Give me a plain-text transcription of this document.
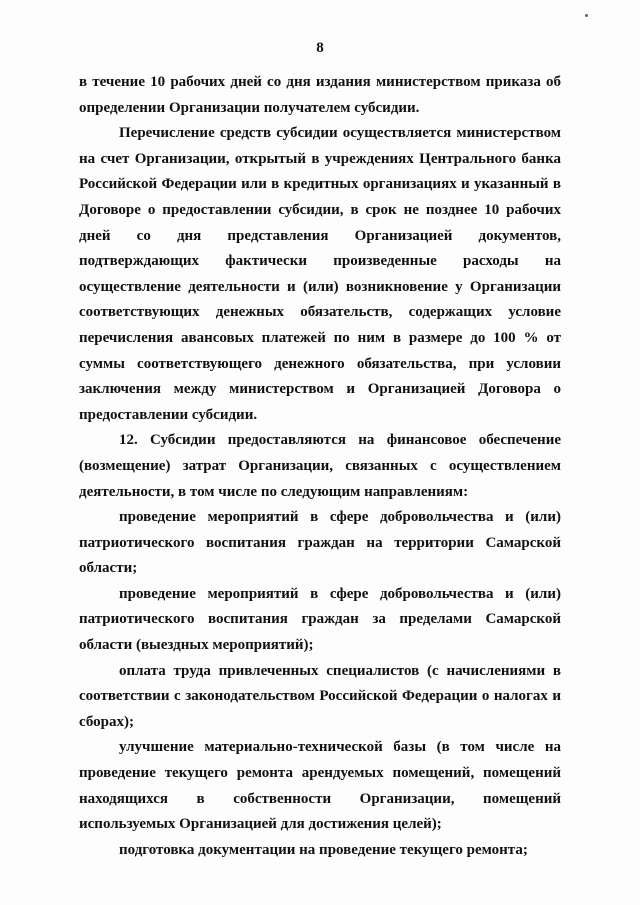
8

в течение 10 рабочих дней со дня издания министерством приказа об определении Организации получателем субсидии.

Перечисление средств субсидии осуществляется министерством на счет Организации, открытый в учреждениях Центрального банка Российской Федерации или в кредитных организациях и указанный в Договоре о предоставлении субсидии, в срок не позднее 10 рабочих дней со дня представления Организацией документов, подтверждающих фактически произведенные расходы на осуществление деятельности и (или) возникновение у Организации соответствующих денежных обязательств, содержащих условие перечисления авансовых платежей по ним в размере до 100 % от суммы соответствующего денежного обязательства, при условии заключения между министерством и Организацией Договора о предоставлении субсидии.

12. Субсидии предоставляются на финансовое обеспечение (возмещение) затрат Организации, связанных с осуществлением деятельности, в том числе по следующим направлениям:

проведение мероприятий в сфере добровольчества и (или) патриотического воспитания граждан на территории Самарской области;

проведение мероприятий в сфере добровольчества и (или) патриотического воспитания граждан за пределами Самарской области (выездных мероприятий);

оплата труда привлеченных специалистов (с начислениями в соответствии с законодательством Российской Федерации о налогах и сборах);

улучшение материально-технической базы (в том числе на проведение текущего ремонта арендуемых помещений, помещений находящихся в собственности Организации, помещений используемых Организацией для достижения целей);

подготовка документации на проведение текущего ремонта;
